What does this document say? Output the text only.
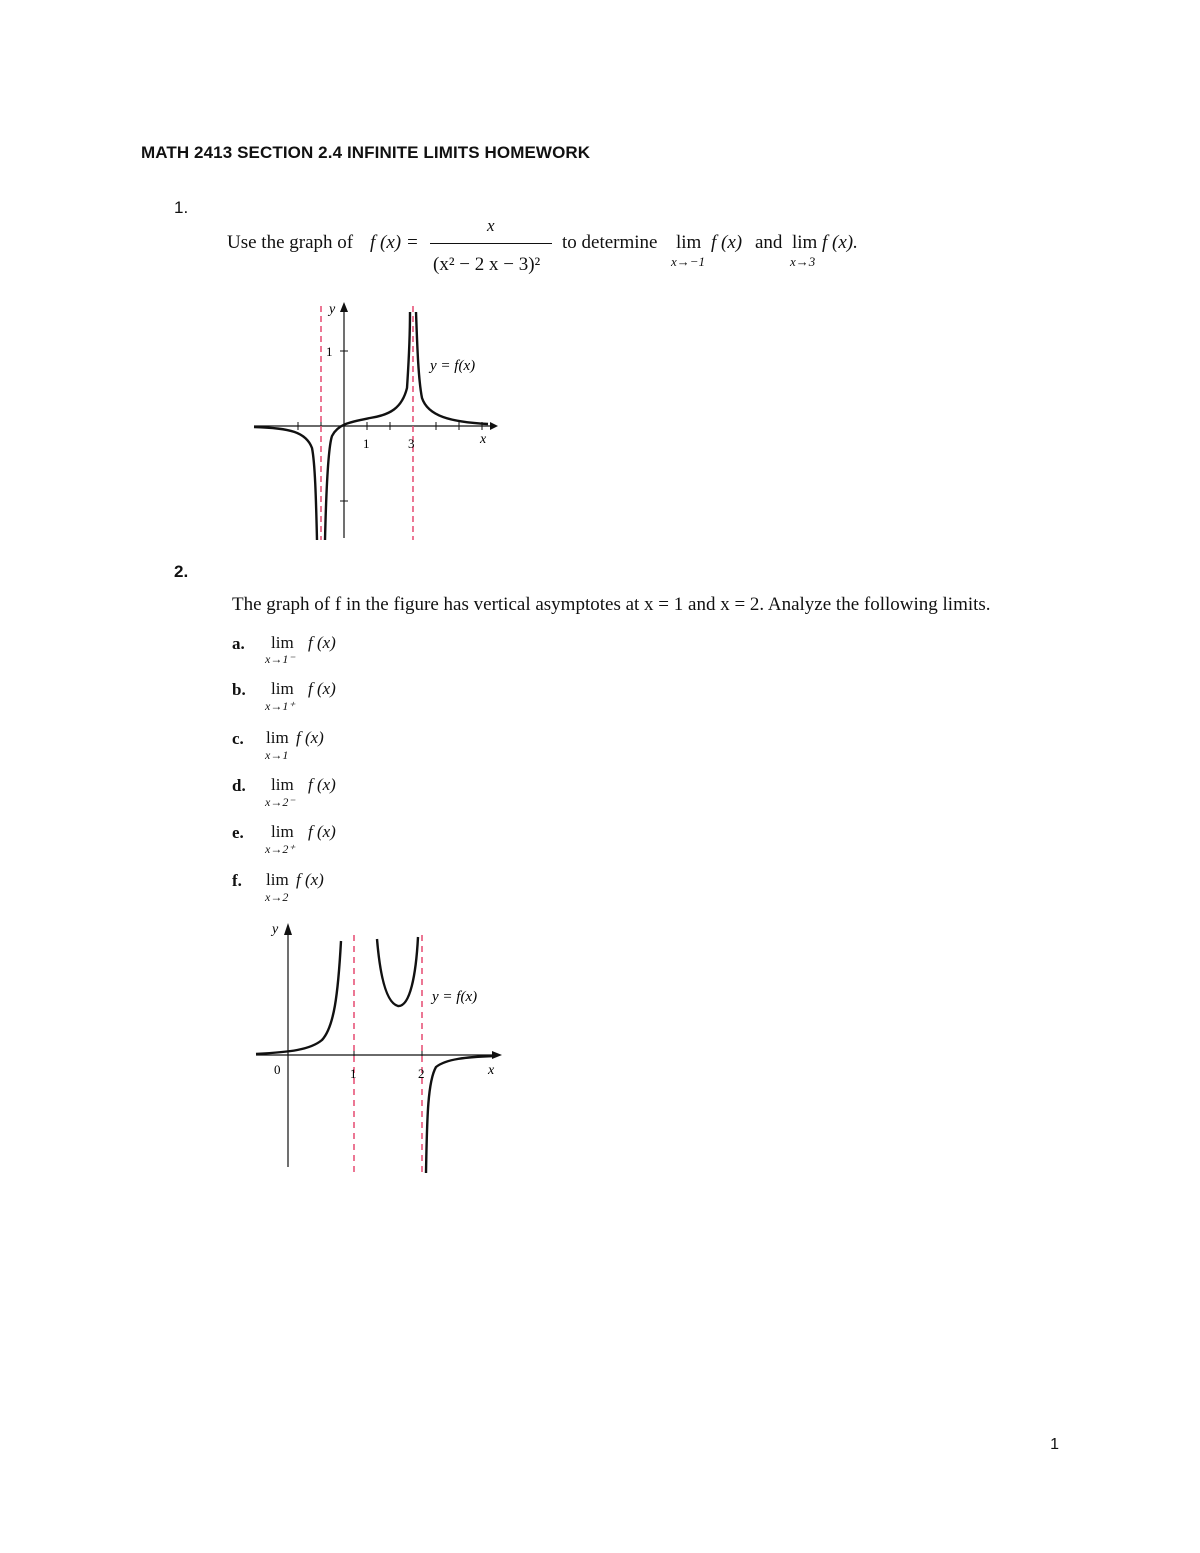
MATH 2413 SECTION 2.4 INFINITE LIMITS HOMEWORK
1.
Use the graph of f (x) =
x
(x² − 2 x − 3)²
to determine lim
x→−1
f (x) and lim
x→3
f (x).
y
x
1
1	3
y = f(x)
2.
The graph of f in the figure has vertical asymptotes at x = 1 and x = 2. Analyze the following limits.
a. lim
x→1⁻
f (x)
b. lim
x→1⁺
f (x)
c. lim
x→1
f (x)
d. lim
x→2⁻
f (x)
e. lim
x→2⁺
f (x)
f. lim
x→2
f (x)
y
x
0	1	2
y = f(x)
1
